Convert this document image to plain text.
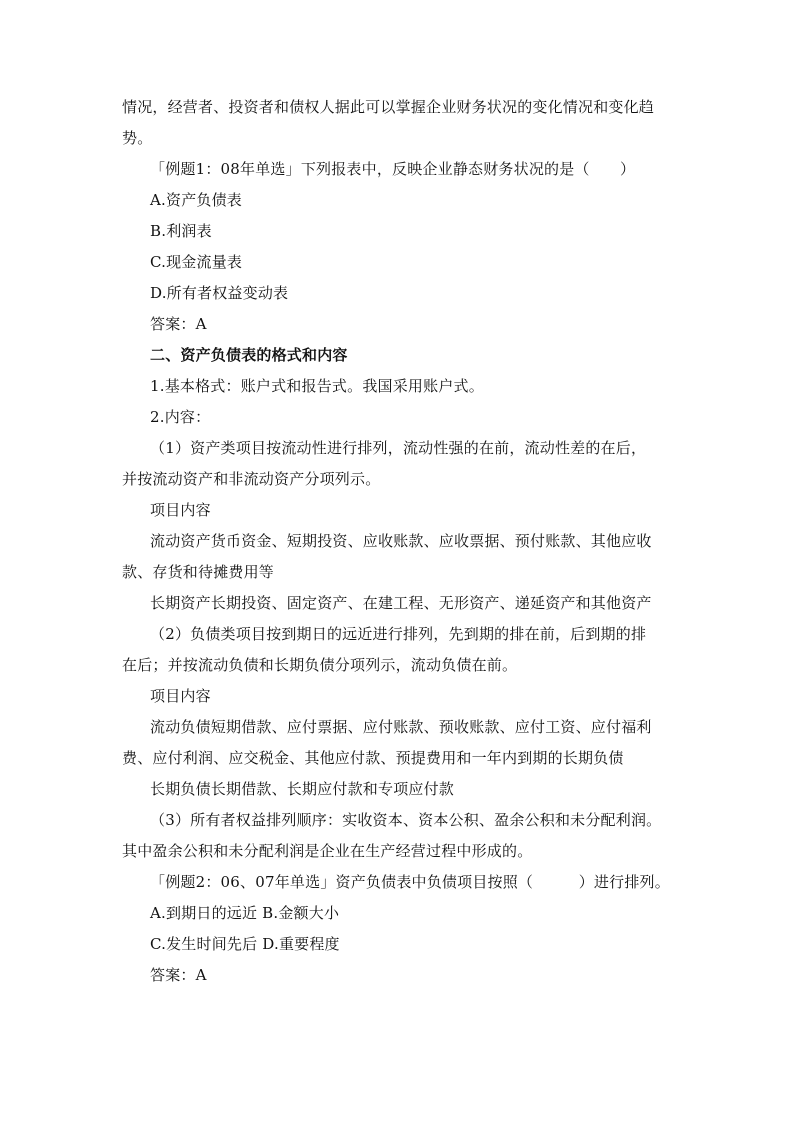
情况，经营者、投资者和债权人据此可以掌握企业财务状况的变化情况和变化趋
势。
「例题1：08年单选」下列报表中，反映企业静态财务状况的是（　　）
A.资产负债表
B.利润表
C.现金流量表
D.所有者权益变动表
答案：A
二、资产负债表的格式和内容
1.基本格式：账户式和报告式。我国采用账户式。
2.内容：
（1）资产类项目按流动性进行排列，流动性强的在前，流动性差的在后，
并按流动资产和非流动资产分项列示。
项目内容
流动资产货币资金、短期投资、应收账款、应收票据、预付账款、其他应收
款、存货和待摊费用等
长期资产长期投资、固定资产、在建工程、无形资产、递延资产和其他资产
（2）负债类项目按到期日的远近进行排列，先到期的排在前，后到期的排
在后；并按流动负债和长期负债分项列示，流动负债在前。
项目内容
流动负债短期借款、应付票据、应付账款、预收账款、应付工资、应付福利
费、应付利润、应交税金、其他应付款、预提费用和一年内到期的长期负债
长期负债长期借款、长期应付款和专项应付款
（3）所有者权益排列顺序：实收资本、资本公积、盈余公积和未分配利润。
其中盈余公积和未分配利润是企业在生产经营过程中形成的。
「例题2：06、07年单选」资产负债表中负债项目按照（　　　）进行排列。
A.到期日的远近 B.金额大小
C.发生时间先后 D.重要程度
答案：A
